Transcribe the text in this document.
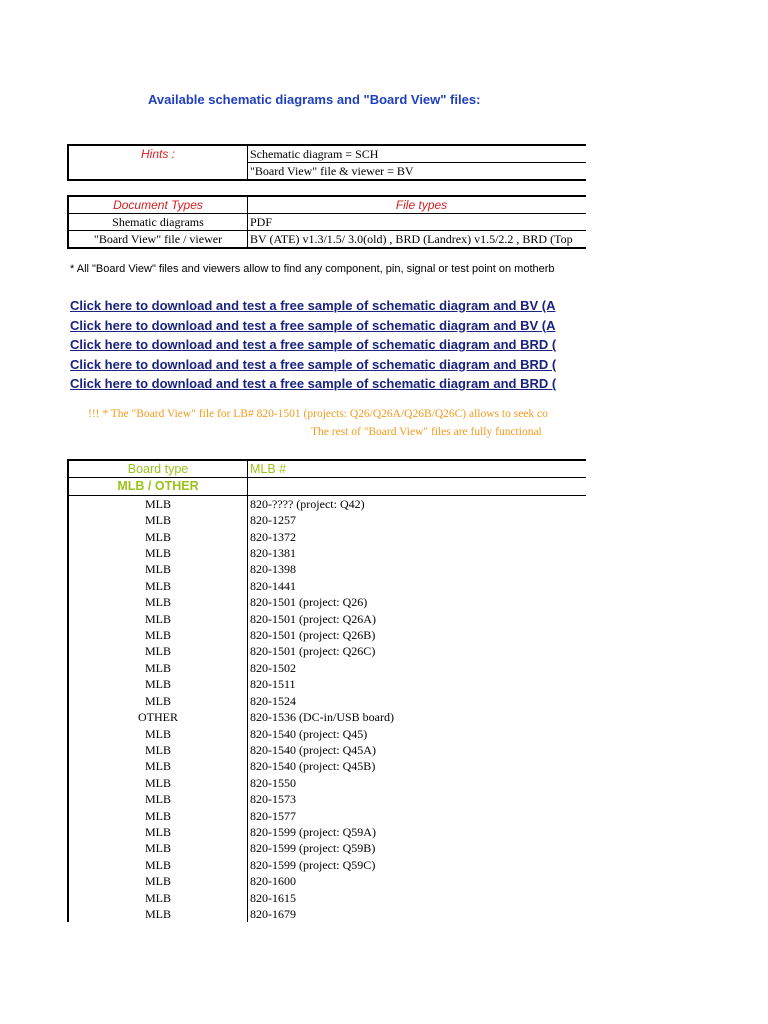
Available schematic diagrams and "Board View" files:
Hints :	Schematic diagram = SCH
"Board View" file & viewer = BV
Document Types	File types
Shematic diagrams	PDF
"Board View" file / viewer	BV (ATE) v1.3/1.5/ 3.0(old) , BRD (Landrex) v1.5/2.2 , BRD (Top
* All "Board View" files and viewers allow to find any component, pin, signal or test point on motherb
Click here to download and test a free sample of schematic diagram and BV (A
Click here to download and test a free sample of schematic diagram and BV (A
Click here to download and test a free sample of schematic diagram and BRD (
Click here to download and test a free sample of schematic diagram and BRD (
Click here to download and test a free sample of schematic diagram and BRD (
!!! * The "Board View" file for LB# 820-1501 (projects: Q26/Q26A/Q26B/Q26C) allows to seek co
The rest of "Board View" files are fully functional
Board type	MLB #
MLB / OTHER	
MLB	820-???? (project: Q42)
MLB	820-1257
MLB	820-1372
MLB	820-1381
MLB	820-1398
MLB	820-1441
MLB	820-1501 (project: Q26)
MLB	820-1501 (project: Q26A)
MLB	820-1501 (project: Q26B)
MLB	820-1501 (project: Q26C)
MLB	820-1502
MLB	820-1511
MLB	820-1524
OTHER	820-1536 (DC-in/USB board)
MLB	820-1540 (project: Q45)
MLB	820-1540 (project: Q45A)
MLB	820-1540 (project: Q45B)
MLB	820-1550
MLB	820-1573
MLB	820-1577
MLB	820-1599 (project: Q59A)
MLB	820-1599 (project: Q59B)
MLB	820-1599 (project: Q59C)
MLB	820-1600
MLB	820-1615
MLB	820-1679
